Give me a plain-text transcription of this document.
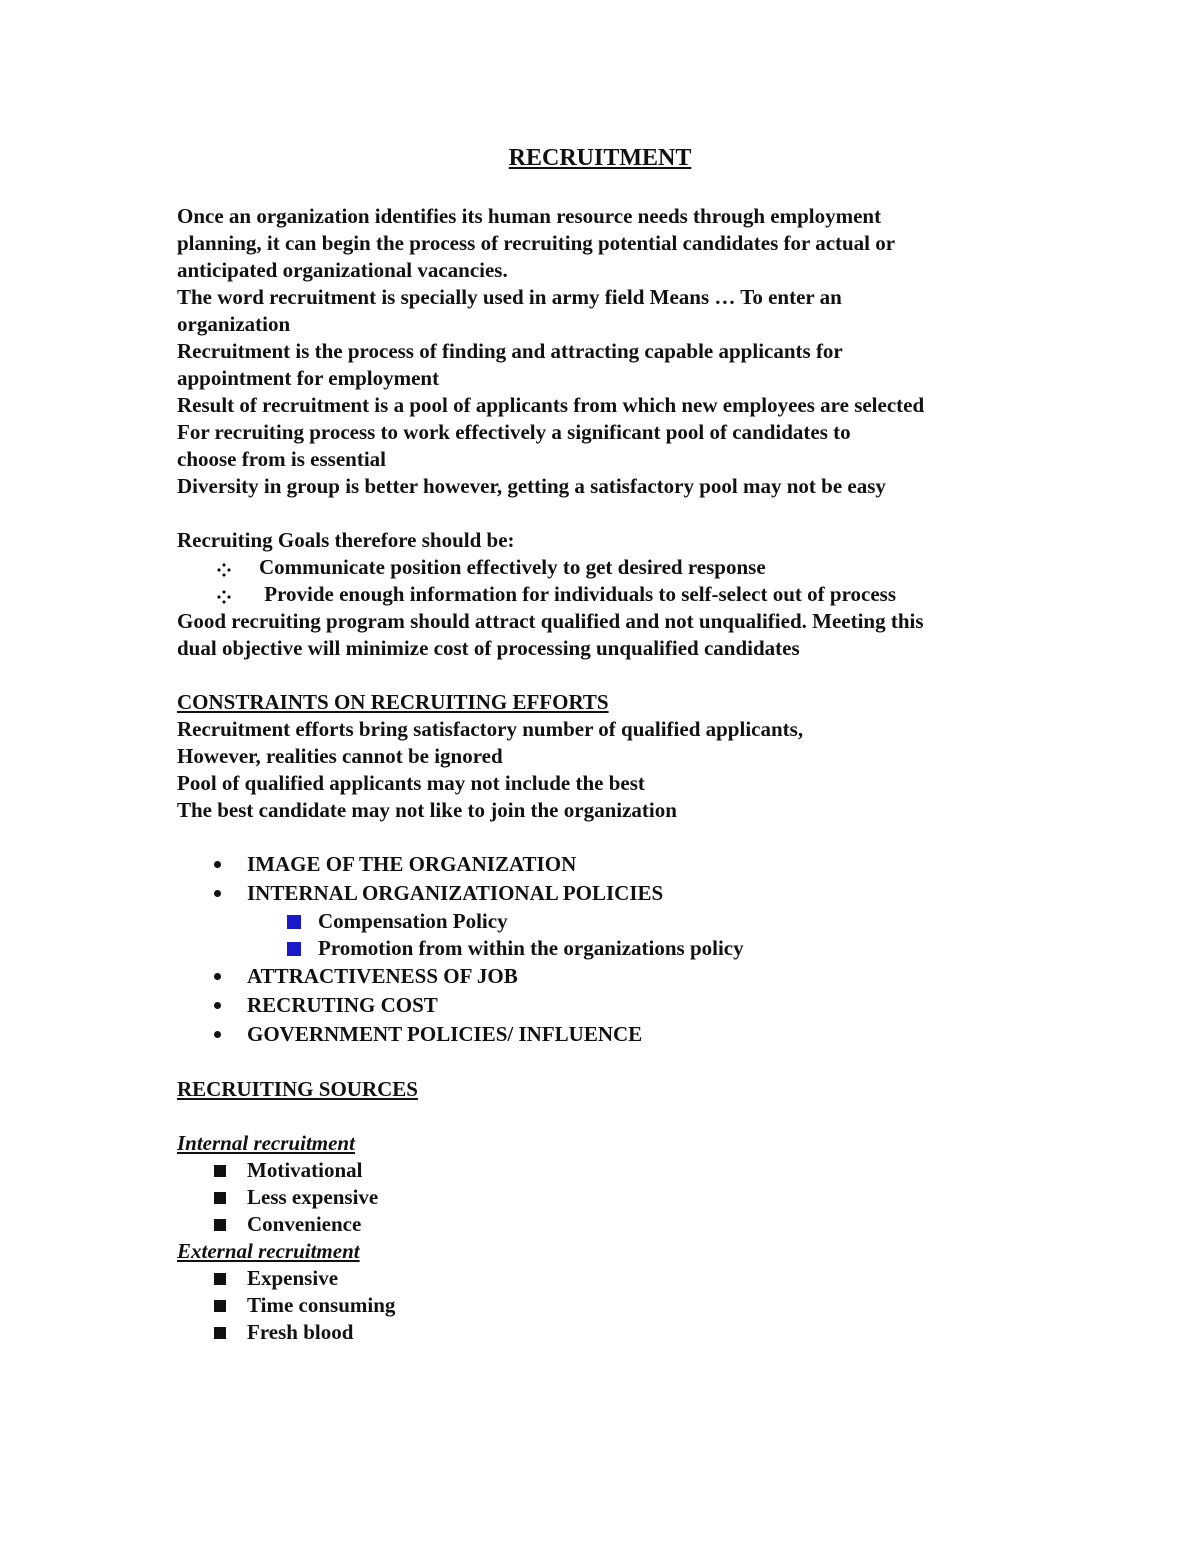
RECRUITMENT
Once an organization identifies its human resource needs through employment
planning, it can begin the process of recruiting potential candidates for actual or
anticipated organizational vacancies.
The word recruitment is specially used in army field Means … To enter an
organization
Recruitment is the process of finding and attracting capable applicants for
appointment for employment
Result of recruitment is a pool of applicants from which new employees are selected
For recruiting process to work effectively a significant pool of candidates to
choose from is essential
Diversity in group is better however, getting a satisfactory pool may not be easy
Recruiting Goals therefore should be:
Communicate position effectively to get desired response
Provide enough information for individuals to self-select out of process
Good recruiting program should attract qualified and not unqualified. Meeting this
dual objective will minimize cost of processing unqualified candidates
CONSTRAINTS ON RECRUITING EFFORTS
Recruitment efforts bring satisfactory number of qualified applicants,
However, realities cannot be ignored
Pool of qualified applicants may not include the best
The best candidate may not like to join the organization
IMAGE OF THE ORGANIZATION
INTERNAL ORGANIZATIONAL POLICIES
Compensation Policy
Promotion from within the organizations policy
ATTRACTIVENESS OF JOB
RECRUTING COST
GOVERNMENT POLICIES/ INFLUENCE
RECRUITING SOURCES
Internal recruitment
Motivational
Less expensive
Convenience
External recruitment
Expensive
Time consuming
Fresh blood
